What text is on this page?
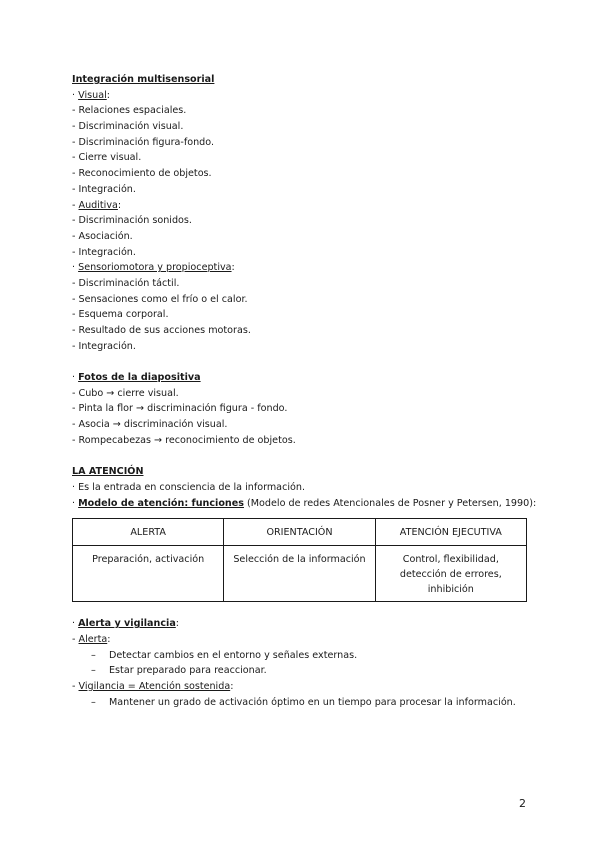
Integración multisensorial
· Visual:
- Relaciones espaciales.
- Discriminación visual.
- Discriminación figura-fondo.
- Cierre visual.
- Reconocimiento de objetos.
- Integración.
- Auditiva:
- Discriminación sonidos.
- Asociación.
- Integración.
· Sensoriomotora y propioceptiva:
- Discriminación táctil.
- Sensaciones como el frío o el calor.
- Esquema corporal.
- Resultado de sus acciones motoras.
- Integración.
· Fotos de la diapositiva
- Cubo → cierre visual.
- Pinta la flor → discriminación figura - fondo.
- Asocia → discriminación visual.
- Rompecabezas → reconocimiento de objetos.
LA ATENCIÓN
· Es la entrada en consciencia de la información.
· Modelo de atención: funciones (Modelo de redes Atencionales de Posner y Petersen, 1990):
ALERTA	ORIENTACIÓN	ATENCIÓN EJECUTIVA
Preparación, activación	Selección de la información	Control, flexibilidad, detección de errores, inhibición
· Alerta y vigilancia:
- Alerta:
– Detectar cambios en el entorno y señales externas.
– Estar preparado para reaccionar.
- Vigilancia = Atención sostenida:
– Mantener un grado de activación óptimo en un tiempo para procesar la información.
2
